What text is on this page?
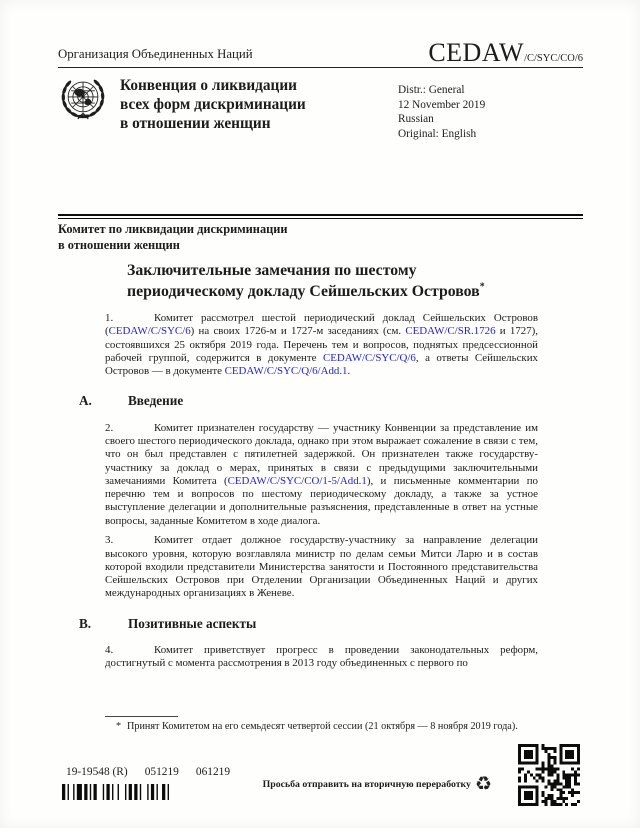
Организация Объединенных Наций	CEDAW/C/SYC/CO/6
Конвенция о ликвидации
всех форм дискриминации
в отношении женщин
Distr.: General
12 November 2019
Russian
Original: English
Комитет по ликвидации дискриминации
в отношении женщин
Заключительные замечания по шестому периодическому докладу Сейшельских Островов*

1.	Комитет рассмотрел шестой периодический доклад Сейшельских Островов (CEDAW/C/SYC/6) на своих 1726-м и 1727-м заседаниях (см. CEDAW/C/SR.1726 и 1727), состоявшихся 25 октября 2019 года. Перечень тем и вопросов, поднятых предсессионной рабочей группой, содержится в документе CEDAW/C/SYC/Q/6, а ответы Сейшельских Островов — в документе CEDAW/C/SYC/Q/6/Add.1.

A.	Введение

2.	Комитет признателен государству — участнику Конвенции за представление им своего шестого периодического доклада, однако при этом выражает сожаление в связи с тем, что он был представлен с пятилетней задержкой. Он признателен также государству-участнику за доклад о мерах, принятых в связи с предыдущими заключительными замечаниями Комитета (CEDAW/C/SYC/CO/1-5/Add.1), и письменные комментарии по перечню тем и вопросов по шестому периодическому докладу, а также за устное выступление делегации и дополнительные разъяснения, представленные в ответ на устные вопросы, заданные Комитетом в ходе диалога.

3.	Комитет отдает должное государству-участнику за направление делегации высокого уровня, которую возглавляла министр по делам семьи Митси Ларю и в состав которой входили представители Министерства занятости и Постоянного представительства Сейшельских Островов при Отделении Организации Объединенных Наций и других международных организациях в Женеве.

B.	Позитивные аспекты

4.	Комитет приветствует прогресс в проведении законодательных реформ, достигнутый с момента рассмотрения в 2013 году объединенных с первого по

* Принят Комитетом на его семьдесят четвертой сессии (21 октября — 8 ноября 2019 года).
19-19548 (R) 051219 061219
Просьба отправить на вторичную переработку ♻
